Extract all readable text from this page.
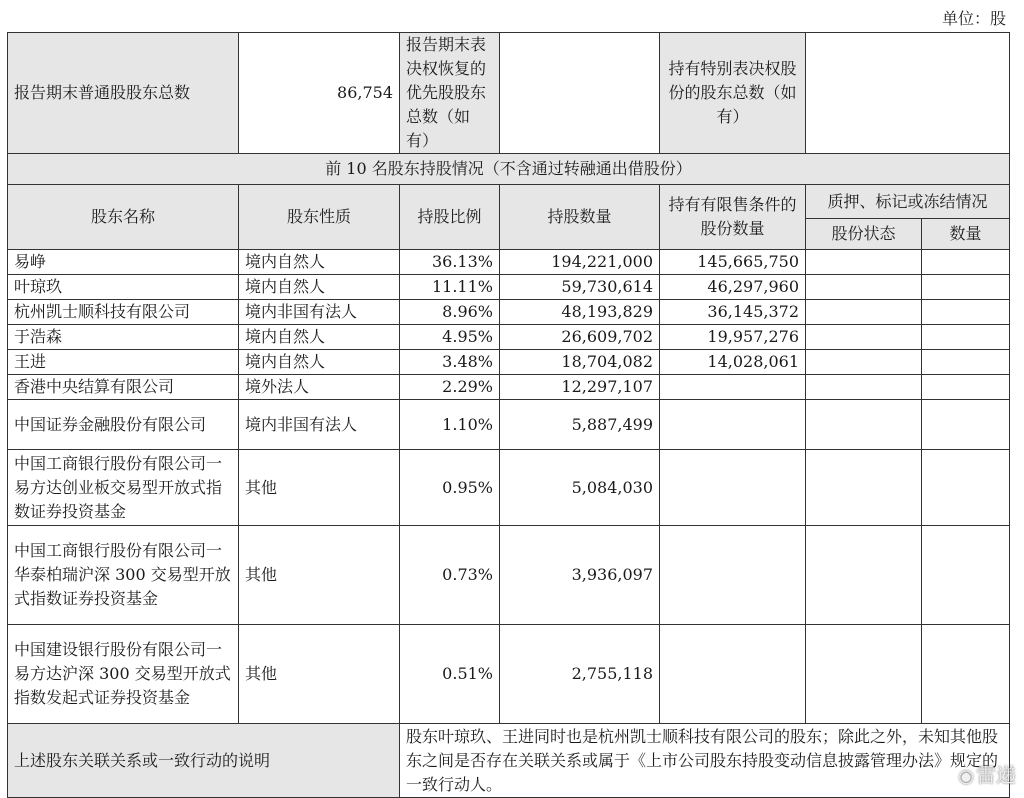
单位：股
报告期末普通股股东总数	86,754	报告期末表决权恢复的优先股股东总数（如有）		持有特别表决权股份的股东总数（如有）		
前 10 名股东持股情况（不含通过转融通出借股份）						
股东名称	股东性质	持股比例	持股数量	持有有限售条件的股份数量	质押、标记或冻结情况	
					股份状态	数量
易峥	境内自然人	36.13%	194,221,000	145,665,750		
叶琼玖	境内自然人	11.11%	59,730,614	46,297,960		
杭州凯士顺科技有限公司	境内非国有法人	8.96%	48,193,829	36,145,372		
于浩森	境内自然人	4.95%	26,609,702	19,957,276		
王进	境内自然人	3.48%	18,704,082	14,028,061		
香港中央结算有限公司	境外法人	2.29%	12,297,107			
中国证券金融股份有限公司	境内非国有法人	1.10%	5,887,499			
中国工商银行股份有限公司一易方达创业板交易型开放式指数证券投资基金	其他	0.95%	5,084,030			
中国工商银行股份有限公司一华泰柏瑞沪深 300 交易型开放式指数证券投资基金	其他	0.73%	3,936,097			
中国建设银行股份有限公司一易方达沪深 300 交易型开放式指数发起式证券投资基金	其他	0.51%	2,755,118			
上述股东关联关系或一致行动的说明		股东叶琼玖、王进同时也是杭州凯士顺科技有限公司的股东；除此之外，未知其他股东之间是否存在关联关系或属于《上市公司股东持股变动信息披露管理办法》规定的一致行动人。					◉ 雷递
